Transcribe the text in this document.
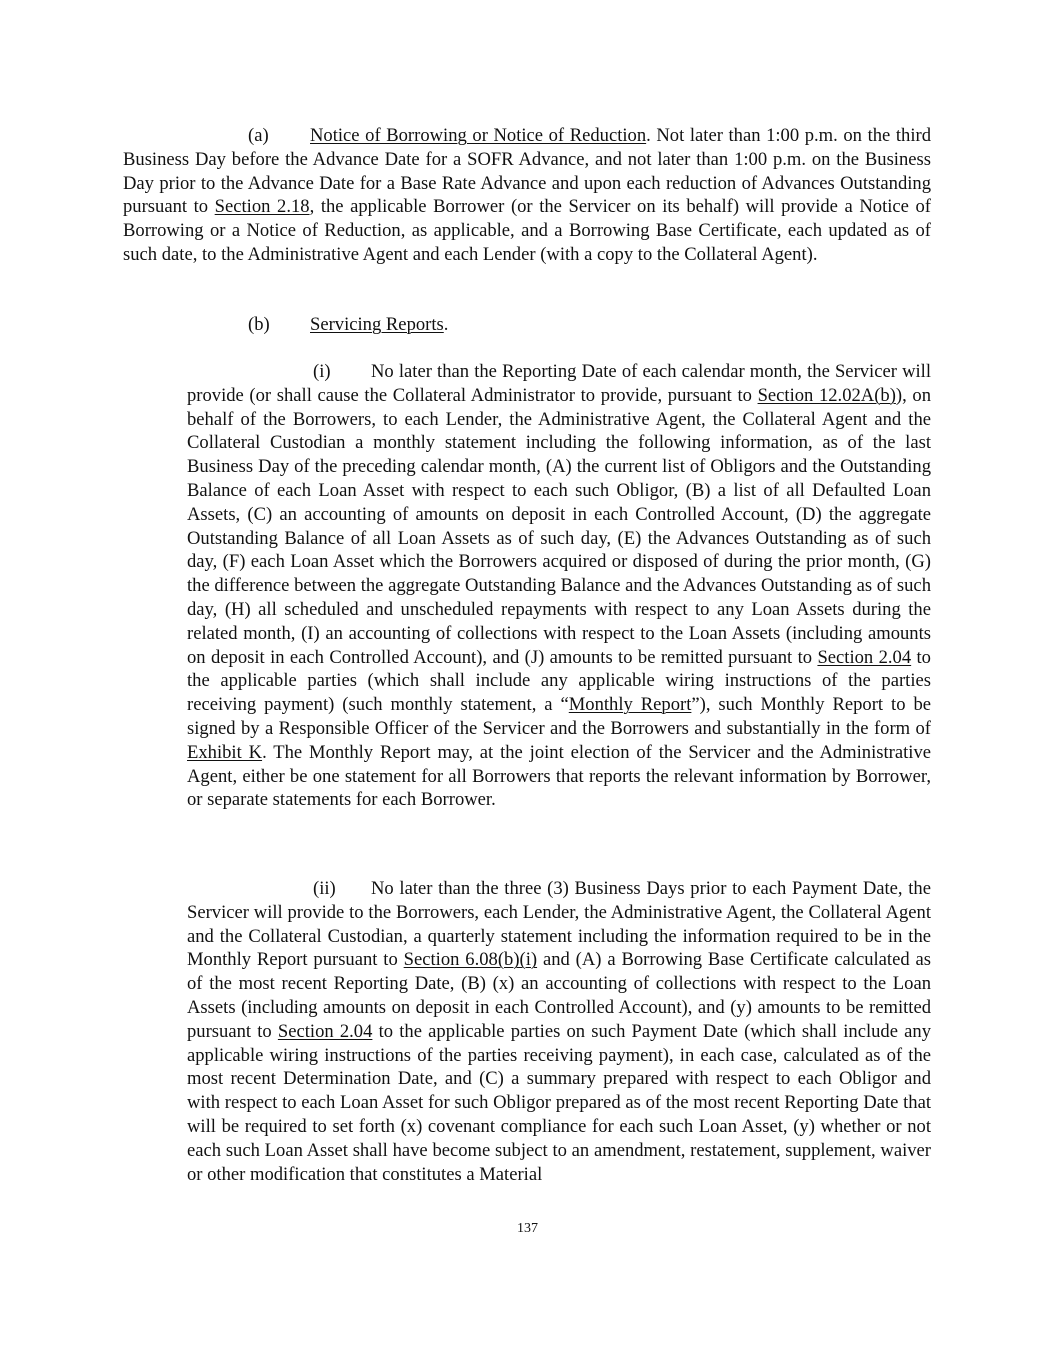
(a) Notice of Borrowing or Notice of Reduction. Not later than 1:00 p.m. on the third Business Day before the Advance Date for a SOFR Advance, and not later than 1:00 p.m. on the Business Day prior to the Advance Date for a Base Rate Advance and upon each reduction of Advances Outstanding pursuant to Section 2.18, the applicable Borrower (or the Servicer on its behalf) will provide a Notice of Borrowing or a Notice of Reduction, as applicable, and a Borrowing Base Certificate, each updated as of such date, to the Administrative Agent and each Lender (with a copy to the Collateral Agent).

(b) Servicing Reports.

(i) No later than the Reporting Date of each calendar month, the Servicer will provide (or shall cause the Collateral Administrator to provide, pursuant to Section 12.02A(b)), on behalf of the Borrowers, to each Lender, the Administrative Agent, the Collateral Agent and the Collateral Custodian a monthly statement including the following information, as of the last Business Day of the preceding calendar month, (A) the current list of Obligors and the Outstanding Balance of each Loan Asset with respect to each such Obligor, (B) a list of all Defaulted Loan Assets, (C) an accounting of amounts on deposit in each Controlled Account, (D) the aggregate Outstanding Balance of all Loan Assets as of such day, (E) the Advances Outstanding as of such day, (F) each Loan Asset which the Borrowers acquired or disposed of during the prior month, (G) the difference between the aggregate Outstanding Balance and the Advances Outstanding as of such day, (H) all scheduled and unscheduled repayments with respect to any Loan Assets during the related month, (I) an accounting of collections with respect to the Loan Assets (including amounts on deposit in each Controlled Account), and (J) amounts to be remitted pursuant to Section 2.04 to the applicable parties (which shall include any applicable wiring instructions of the parties receiving payment) (such monthly statement, a “Monthly Report”), such Monthly Report to be signed by a Responsible Officer of the Servicer and the Borrowers and substantially in the form of Exhibit K. The Monthly Report may, at the joint election of the Servicer and the Administrative Agent, either be one statement for all Borrowers that reports the relevant information by Borrower, or separate statements for each Borrower.

(ii) No later than the three (3) Business Days prior to each Payment Date, the Servicer will provide to the Borrowers, each Lender, the Administrative Agent, the Collateral Agent and the Collateral Custodian, a quarterly statement including the information required to be in the Monthly Report pursuant to Section 6.08(b)(i) and (A) a Borrowing Base Certificate calculated as of the most recent Reporting Date, (B) (x) an accounting of collections with respect to the Loan Assets (including amounts on deposit in each Controlled Account), and (y) amounts to be remitted pursuant to Section 2.04 to the applicable parties on such Payment Date (which shall include any applicable wiring instructions of the parties receiving payment), in each case, calculated as of the most recent Determination Date, and (C) a summary prepared with respect to each Obligor and with respect to each Loan Asset for such Obligor prepared as of the most recent Reporting Date that will be required to set forth (x) covenant compliance for each such Loan Asset, (y) whether or not each such Loan Asset shall have become subject to an amendment, restatement, supplement, waiver or other modification that constitutes a Material

137
